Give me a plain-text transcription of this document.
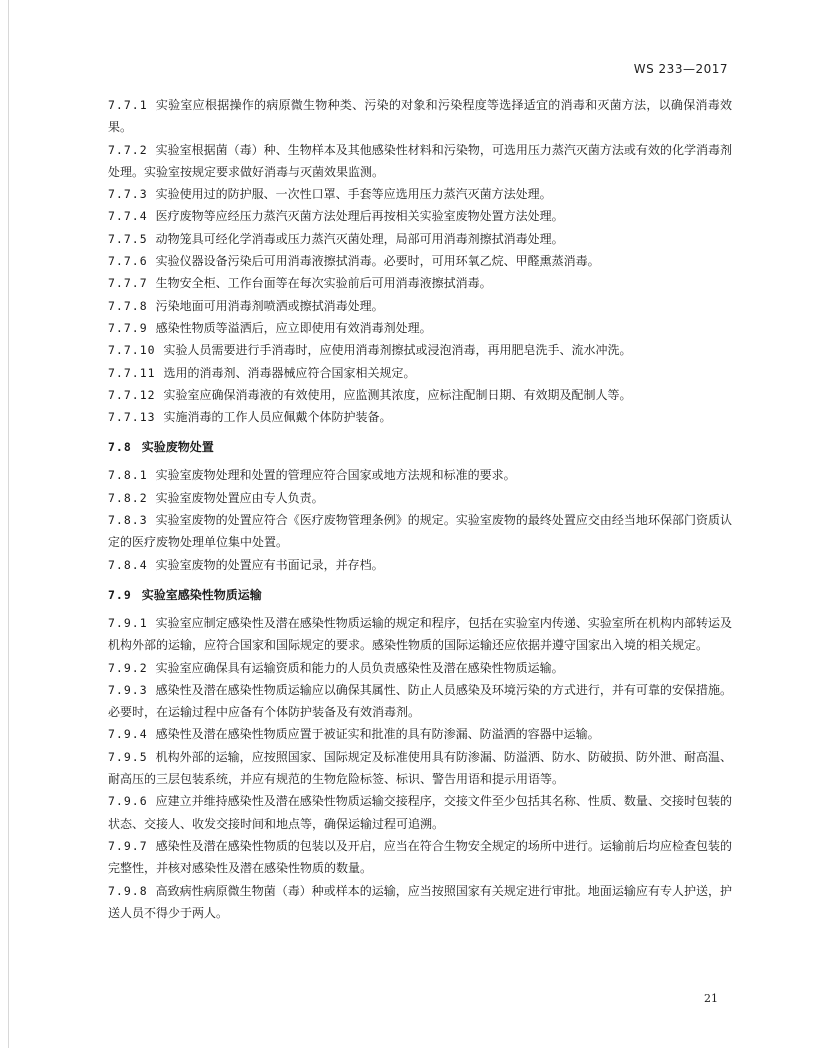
WS 233—2017

7.7.1 实验室应根据操作的病原微生物种类、污染的对象和污染程度等选择适宜的消毒和灭菌方法，以确保消毒效果。

7.7.2 实验室根据菌（毒）种、生物样本及其他感染性材料和污染物，可选用压力蒸汽灭菌方法或有效的化学消毒剂处理。实验室按规定要求做好消毒与灭菌效果监测。

7.7.3 实验使用过的防护服、一次性口罩、手套等应选用压力蒸汽灭菌方法处理。

7.7.4 医疗废物等应经压力蒸汽灭菌方法处理后再按相关实验室废物处置方法处理。

7.7.5 动物笼具可经化学消毒或压力蒸汽灭菌处理，局部可用消毒剂擦拭消毒处理。

7.7.6 实验仪器设备污染后可用消毒液擦拭消毒。必要时，可用环氧乙烷、甲醛熏蒸消毒。

7.7.7 生物安全柜、工作台面等在每次实验前后可用消毒液擦拭消毒。

7.7.8 污染地面可用消毒剂喷洒或擦拭消毒处理。

7.7.9 感染性物质等溢洒后，应立即使用有效消毒剂处理。

7.7.10 实验人员需要进行手消毒时，应使用消毒剂擦拭或浸泡消毒，再用肥皂洗手、流水冲洗。

7.7.11 选用的消毒剂、消毒器械应符合国家相关规定。

7.7.12 实验室应确保消毒液的有效使用，应监测其浓度，应标注配制日期、有效期及配制人等。

7.7.13 实施消毒的工作人员应佩戴个体防护装备。

7.8 实验废物处置

7.8.1 实验室废物处理和处置的管理应符合国家或地方法规和标准的要求。

7.8.2 实验室废物处置应由专人负责。

7.8.3 实验室废物的处置应符合《医疗废物管理条例》的规定。实验室废物的最终处置应交由经当地环保部门资质认定的医疗废物处理单位集中处置。

7.8.4 实验室废物的处置应有书面记录，并存档。

7.9 实验室感染性物质运输

7.9.1 实验室应制定感染性及潜在感染性物质运输的规定和程序，包括在实验室内传递、实验室所在机构内部转运及机构外部的运输，应符合国家和国际规定的要求。感染性物质的国际运输还应依据并遵守国家出入境的相关规定。

7.9.2 实验室应确保具有运输资质和能力的人员负责感染性及潜在感染性物质运输。

7.9.3 感染性及潜在感染性物质运输应以确保其属性、防止人员感染及环境污染的方式进行，并有可靠的安保措施。必要时，在运输过程中应备有个体防护装备及有效消毒剂。

7.9.4 感染性及潜在感染性物质应置于被证实和批准的具有防渗漏、防溢洒的容器中运输。

7.9.5 机构外部的运输，应按照国家、国际规定及标准使用具有防渗漏、防溢洒、防水、防破损、防外泄、耐高温、耐高压的三层包装系统，并应有规范的生物危险标签、标识、警告用语和提示用语等。

7.9.6 应建立并维持感染性及潜在感染性物质运输交接程序，交接文件至少包括其名称、性质、数量、交接时包装的状态、交接人、收发交接时间和地点等，确保运输过程可追溯。

7.9.7 感染性及潜在感染性物质的包装以及开启，应当在符合生物安全规定的场所中进行。运输前后均应检查包装的完整性，并核对感染性及潜在感染性物质的数量。

7.9.8 高致病性病原微生物菌（毒）种或样本的运输，应当按照国家有关规定进行审批。地面运输应有专人护送，护送人员不得少于两人。

21
